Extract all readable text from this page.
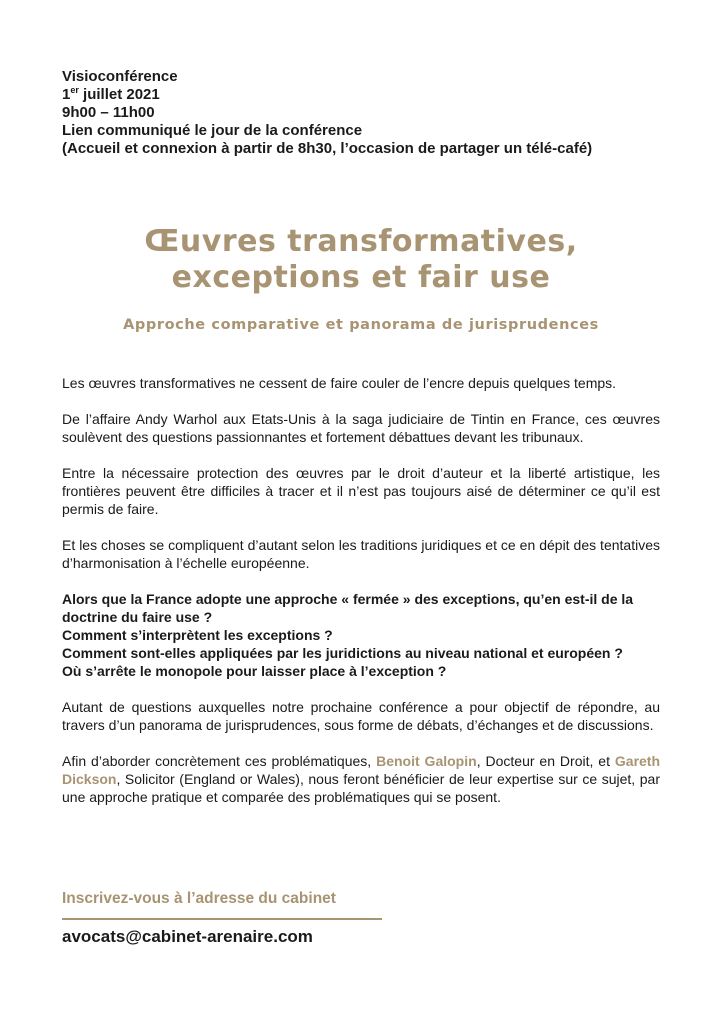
Visioconférence
1er juillet 2021
9h00 – 11h00
Lien communiqué le jour de la conférence
(Accueil et connexion à partir de 8h30, l’occasion de partager un télé-café)
Œuvres transformatives,
exceptions et fair use
Approche comparative et panorama de jurisprudences

Les œuvres transformatives ne cessent de faire couler de l’encre depuis quelques temps.

De l’affaire Andy Warhol aux Etats-Unis à la saga judiciaire de Tintin en France, ces œuvres soulèvent des questions passionnantes et fortement débattues devant les tribunaux.

Entre la nécessaire protection des œuvres par le droit d’auteur et la liberté artistique, les frontières peuvent être difficiles à tracer et il n’est pas toujours aisé de déterminer ce qu’il est permis de faire.

Et les choses se compliquent d’autant selon les traditions juridiques et ce en dépit des tentatives d’harmonisation à l’échelle européenne.

Alors que la France adopte une approche « fermée » des exceptions, qu’en est-il de la doctrine du faire use ?
Comment s’interprètent les exceptions ?
Comment sont-elles appliquées par les juridictions au niveau national et européen ?
Où s’arrête le monopole pour laisser place à l’exception ?

Autant de questions auxquelles notre prochaine conférence a pour objectif de répondre, au travers d’un panorama de jurisprudences, sous forme de débats, d’échanges et de discussions.

Afin d’aborder concrètement ces problématiques, Benoit Galopin, Docteur en Droit, et Gareth Dickson, Solicitor (England or Wales), nous feront bénéficier de leur expertise sur ce sujet, par une approche pratique et comparée des problématiques qui se posent.

Inscrivez-vous à l’adresse du cabinet
avocats@cabinet-arenaire.com
